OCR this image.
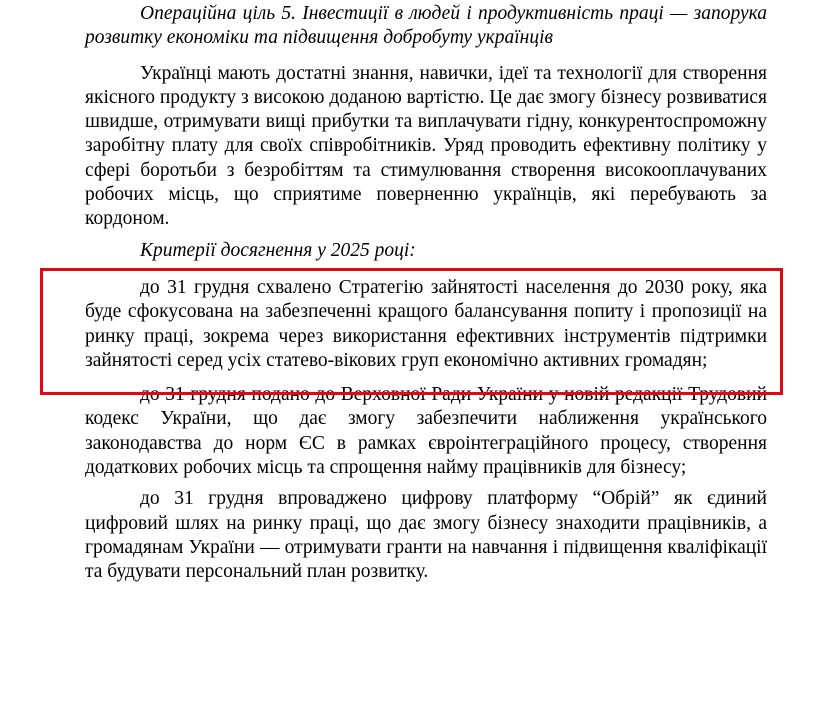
Операційна ціль 5. Інвестиції в людей і продуктивність праці — запорука розвитку економіки та підвищення добробуту українців

Українці мають достатні знання, навички, ідеї та технології для створення якісного продукту з високою доданою вартістю. Це дає змогу бізнесу розвиватися швидше, отримувати вищі прибутки та виплачувати гідну, конкурентоспроможну заробітну плату для своїх співробітників. Уряд проводить ефективну політику у сфері боротьби з безробіттям та стимулювання створення високооплачуваних робочих місць, що сприятиме поверненню українців, які перебувають за кордоном.

Критерії досягнення у 2025 році:

до 31 грудня схвалено Стратегію зайнятості населення до 2030 року, яка буде сфокусована на забезпеченні кращого балансування попиту і пропозиції на ринку праці, зокрема через використання ефективних інструментів підтримки зайнятості серед усіх статево-вікових груп економічно активних громадян;

до 31 грудня подано до Верховної Ради України у новій редакції Трудовий кодекс України, що дає змогу забезпечити наближення українського законодавства до норм ЄС в рамках євроінтеграційного процесу, створення додаткових робочих місць та спрощення найму працівників для бізнесу;

до 31 грудня впроваджено цифрову платформу “Обрій” як єдиний цифровий шлях на ринку праці, що дає змогу бізнесу знаходити працівників, а громадянам України — отримувати гранти на навчання і підвищення кваліфікації та будувати персональний план розвитку.
